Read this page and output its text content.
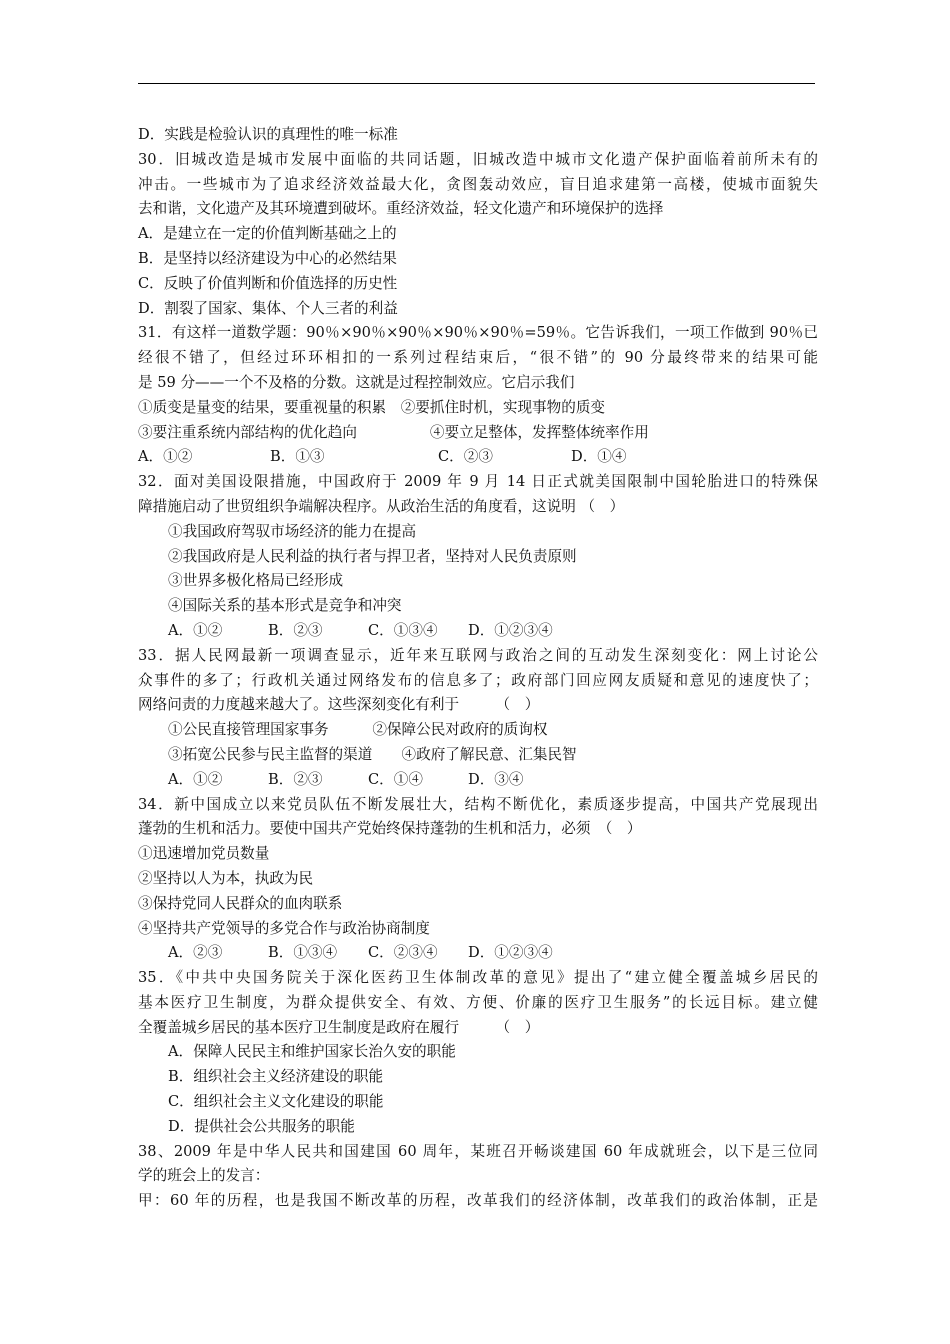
D．实践是检验认识的真理性的唯一标准
30．旧城改造是城市发展中面临的共同话题，旧城改造中城市文化遗产保护面临着前所未有的
冲击。一些城市为了追求经济效益最大化，贪图轰动效应，盲目追求建第一高楼，使城市面貌失
去和谐，文化遗产及其环境遭到破坏。重经济效益，轻文化遗产和环境保护的选择
A．是建立在一定的价值判断基础之上的
B．是坚持以经济建设为中心的必然结果
C．反映了价值判断和价值选择的历史性
D．割裂了国家、集体、个人三者的利益
31．有这样一道数学题：90％×90％×90％×90％×90％=59％。它告诉我们，一项工作做到 90％已
经很不错了，但经过环环相扣的一系列过程结束后，“很不错”的 90 分最终带来的结果可能
是 59 分——一个不及格的分数。这就是过程控制效应。它启示我们
①质变是量变的结果，要重视量的积累　②要抓住时机，实现事物的质变
③要注重系统内部结构的优化趋向　　　　　④要立足整体，发挥整体统率作用
A．①②	B．①③	C．②③	D．①④
32．面对美国设限措施，中国政府于 2009 年 9 月 14 日正式就美国限制中国轮胎进口的特殊保
障措施启动了世贸组织争端解决程序。从政治生活的角度看，这说明 （　）
①我国政府驾驭市场经济的能力在提高
②我国政府是人民利益的执行者与捍卫者，坚持对人民负责原则
③世界多极化格局已经形成
④国际关系的基本形式是竞争和冲突
A．①②	B．②③	C．①③④	D．①②③④
33．据人民网最新一项调查显示，近年来互联网与政治之间的互动发生深刻变化：网上讨论公
众事件的多了；行政机关通过网络发布的信息多了；政府部门回应网友质疑和意见的速度快了；
网络问责的力度越来越大了。这些深刻变化有利于　　　（　）
①公民直接管理国家事务　　　②保障公民对政府的质询权
③拓宽公民参与民主监督的渠道　　④政府了解民意、汇集民智
A．①②	B．②③	C．①④	D．③④
34．新中国成立以来党员队伍不断发展壮大，结构不断优化，素质逐步提高，中国共产党展现出
蓬勃的生机和活力。要使中国共产党始终保持蓬勃的生机和活力，必须　（　）
①迅速增加党员数量
②坚持以人为本，执政为民
③保持党同人民群众的血肉联系
④坚持共产党领导的多党合作与政治协商制度
A．②③	B．①③④	C．②③④	D．①②③④
35．《中共中央国务院关于深化医药卫生体制改革的意见》提出了“建立健全覆盖城乡居民的
基本医疗卫生制度，为群众提供安全、有效、方便、价廉的医疗卫生服务”的长远目标。建立健
全覆盖城乡居民的基本医疗卫生制度是政府在履行　　　（　）
A．保障人民民主和维护国家长治久安的职能
B．组织社会主义经济建设的职能
C．组织社会主义文化建设的职能
D．提供社会公共服务的职能
38、2009 年是中华人民共和国建国 60 周年，某班召开畅谈建国 60 年成就班会，以下是三位同
学的班会上的发言：
甲：60 年的历程，也是我国不断改革的历程，改革我们的经济体制，改革我们的政治体制，正是
